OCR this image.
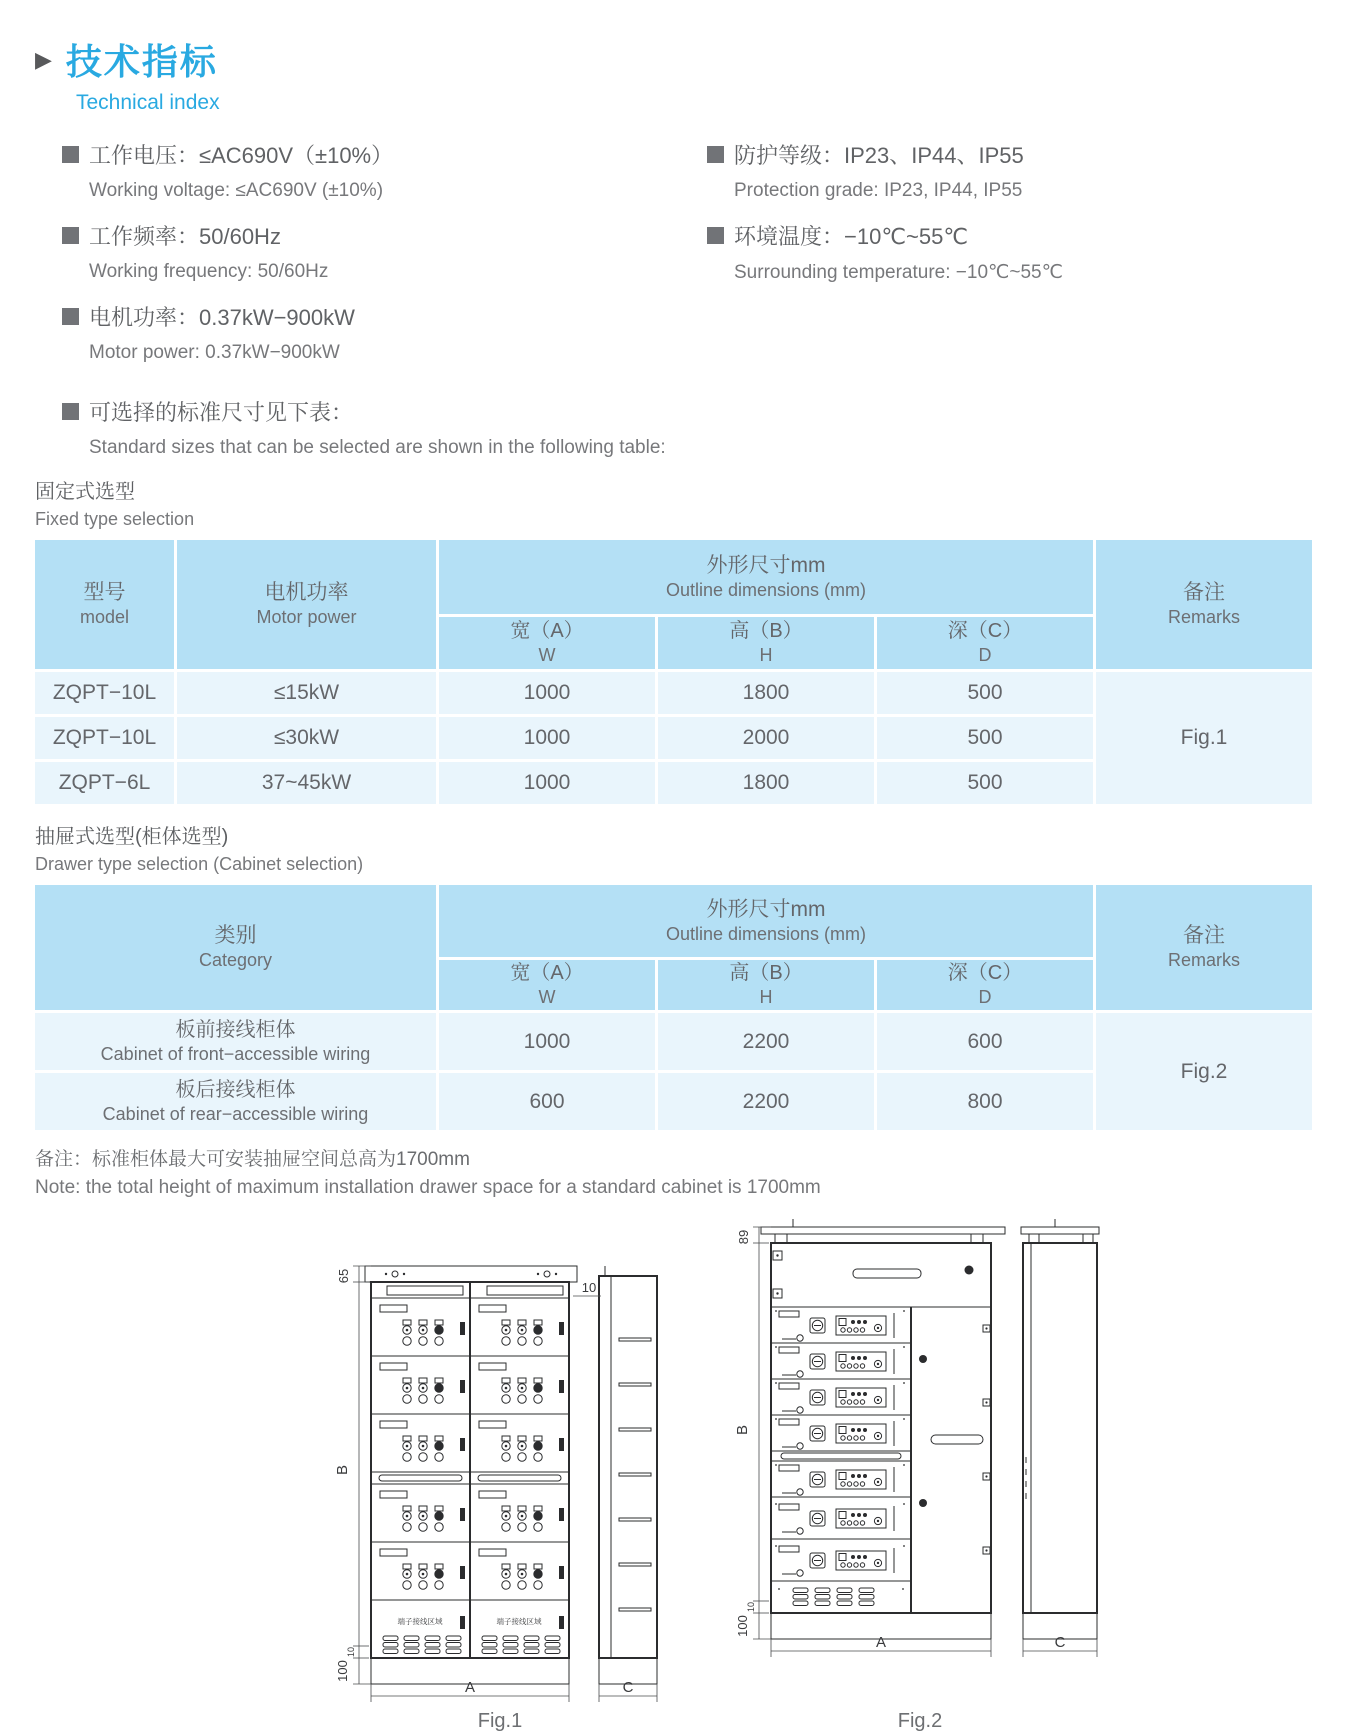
▶ 技术指标
Technical index
工作电压：≤AC690V（±10%）
Working voltage: ≤AC690V (±10%)
工作频率：50/60Hz
Working frequency: 50/60Hz
电机功率：0.37kW−900kW
Motor power: 0.37kW−900kW
防护等级：IP23、IP44、IP55
Protection grade: IP23, IP44, IP55
环境温度：−10℃~55℃
Surrounding temperature: −10℃~55℃
可选择的标准尺寸见下表：
Standard sizes that can be selected are shown in the following table:
固定式选型
Fixed type selection
型号
model
电机功率
Motor power
外形尺寸mm
Outline dimensions (mm)
宽（A）
W
高（B）
H
深（C）
D
备注
Remarks
ZQPT−10L	≤15kW	1000	1800	500
ZQPT−10L	≤30kW	1000	2000	500
ZQPT−6L	37~45kW	1000	1800	500
Fig.1
抽屉式选型(柜体选型)
Drawer type selection (Cabinet selection)
类别
Category
外形尺寸mm
Outline dimensions (mm)
宽（A）
W
高（B）
H
深（C）
D
备注
Remarks
板前接线柜体
Cabinet of front−accessible wiring
1000	2200	600
板后接线柜体
Cabinet of rear−accessible wiring
600	2200	800
Fig.2
备注：标准柜体最大可安装抽屉空间总高为1700mm
Note: the total height of maximum installation drawer space for a standard cabinet is 1700mm
端子接线区域	端子接线区域
65
B
10
100
10
A	C
Fig.1
89
B
10
100
A	C
Fig.2
